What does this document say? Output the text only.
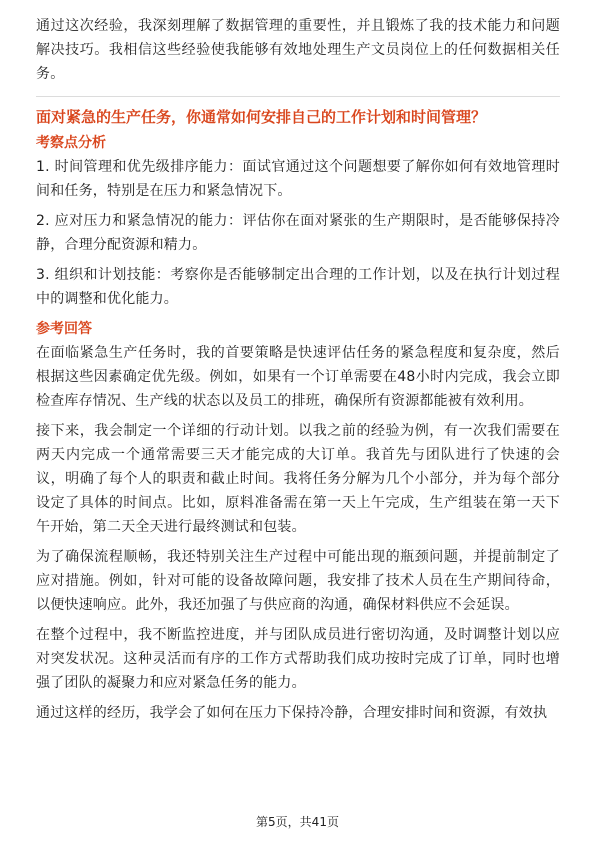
通过这次经验，我深刻理解了数据管理的重要性，并且锻炼了我的技术能力和问题解决技巧。我相信这些经验使我能够有效地处理生产文员岗位上的任何数据相关任务。

面对紧急的生产任务，你通常如何安排自己的工作计划和时间管理？
考察点分析

1. 时间管理和优先级排序能力：面试官通过这个问题想要了解你如何有效地管理时间和任务，特别是在压力和紧急情况下。

2. 应对压力和紧急情况的能力：评估你在面对紧张的生产期限时，是否能够保持冷静，合理分配资源和精力。

3. 组织和计划技能：考察你是否能够制定出合理的工作计划，以及在执行计划过程中的调整和优化能力。

参考回答

在面临紧急生产任务时，我的首要策略是快速评估任务的紧急程度和复杂度，然后根据这些因素确定优先级。例如，如果有一个订单需要在48小时内完成，我会立即检查库存情况、生产线的状态以及员工的排班，确保所有资源都能被有效利用。

接下来，我会制定一个详细的行动计划。以我之前的经验为例，有一次我们需要在两天内完成一个通常需要三天才能完成的大订单。我首先与团队进行了快速的会议，明确了每个人的职责和截止时间。我将任务分解为几个小部分，并为每个部分设定了具体的时间点。比如，原料准备需在第一天上午完成，生产组装在第一天下午开始，第二天全天进行最终测试和包装。

为了确保流程顺畅，我还特别关注生产过程中可能出现的瓶颈问题，并提前制定了应对措施。例如，针对可能的设备故障问题，我安排了技术人员在生产期间待命，以便快速响应。此外，我还加强了与供应商的沟通，确保材料供应不会延误。

在整个过程中，我不断监控进度，并与团队成员进行密切沟通，及时调整计划以应对突发状况。这种灵活而有序的工作方式帮助我们成功按时完成了订单，同时也增强了团队的凝聚力和应对紧急任务的能力。

通过这样的经历，我学会了如何在压力下保持冷静，合理安排时间和资源，有效执

第5页，共41页
